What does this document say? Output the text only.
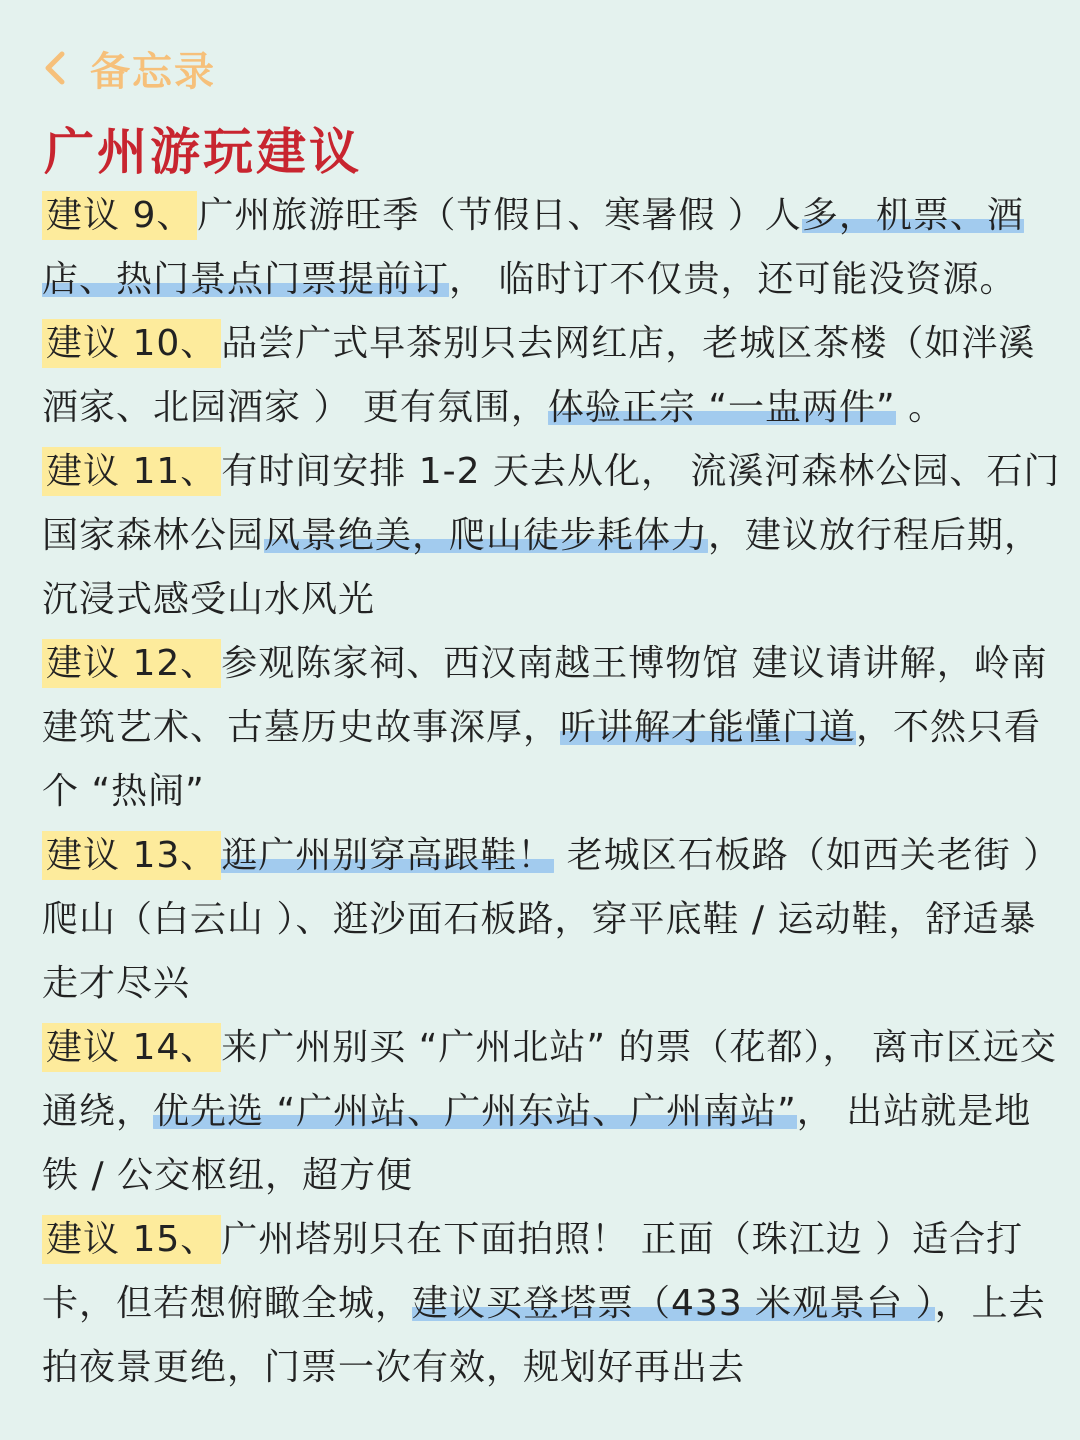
备忘录
广州游玩建议

建议 9、 广州旅游旺季（节假日、寒暑假 ）人多，机票、酒店、热门景点门票提前订， 临时订不仅贵，还可能没资源。

建议 10、 品尝广式早茶别只去网红店，老城区茶楼（如泮溪酒家、北园酒家 ） 更有氛围，体验正宗 “一盅两件” 。

建议 11、 有时间安排 1-2 天去从化， 流溪河森林公园、石门国家森林公园风景绝美，爬山徒步耗体力，建议放行程后期，沉浸式感受山水风光

建议 12、 参观陈家祠、西汉南越王博物馆 建议请讲解，岭南建筑艺术、古墓历史故事深厚，听讲解才能懂门道，不然只看个 “热闹”

建议 13、 逛广州别穿高跟鞋！ 老城区石板路（如西关老街 ） 爬山（白云山 ）、逛沙面石板路，穿平底鞋 / 运动鞋，舒适暴走才尽兴

建议 14、 来广州别买 “广州北站” 的票（花都）， 离市区远交通绕，优先选 “广州站、广州东站、广州南站”， 出站就是地铁 / 公交枢纽，超方便

建议 15、 广州塔别只在下面拍照！ 正面（珠江边 ）适合打卡，但若想俯瞰全城，建议买登塔票（433 米观景台 ），上去拍夜景更绝，门票一次有效，规划好再出去
